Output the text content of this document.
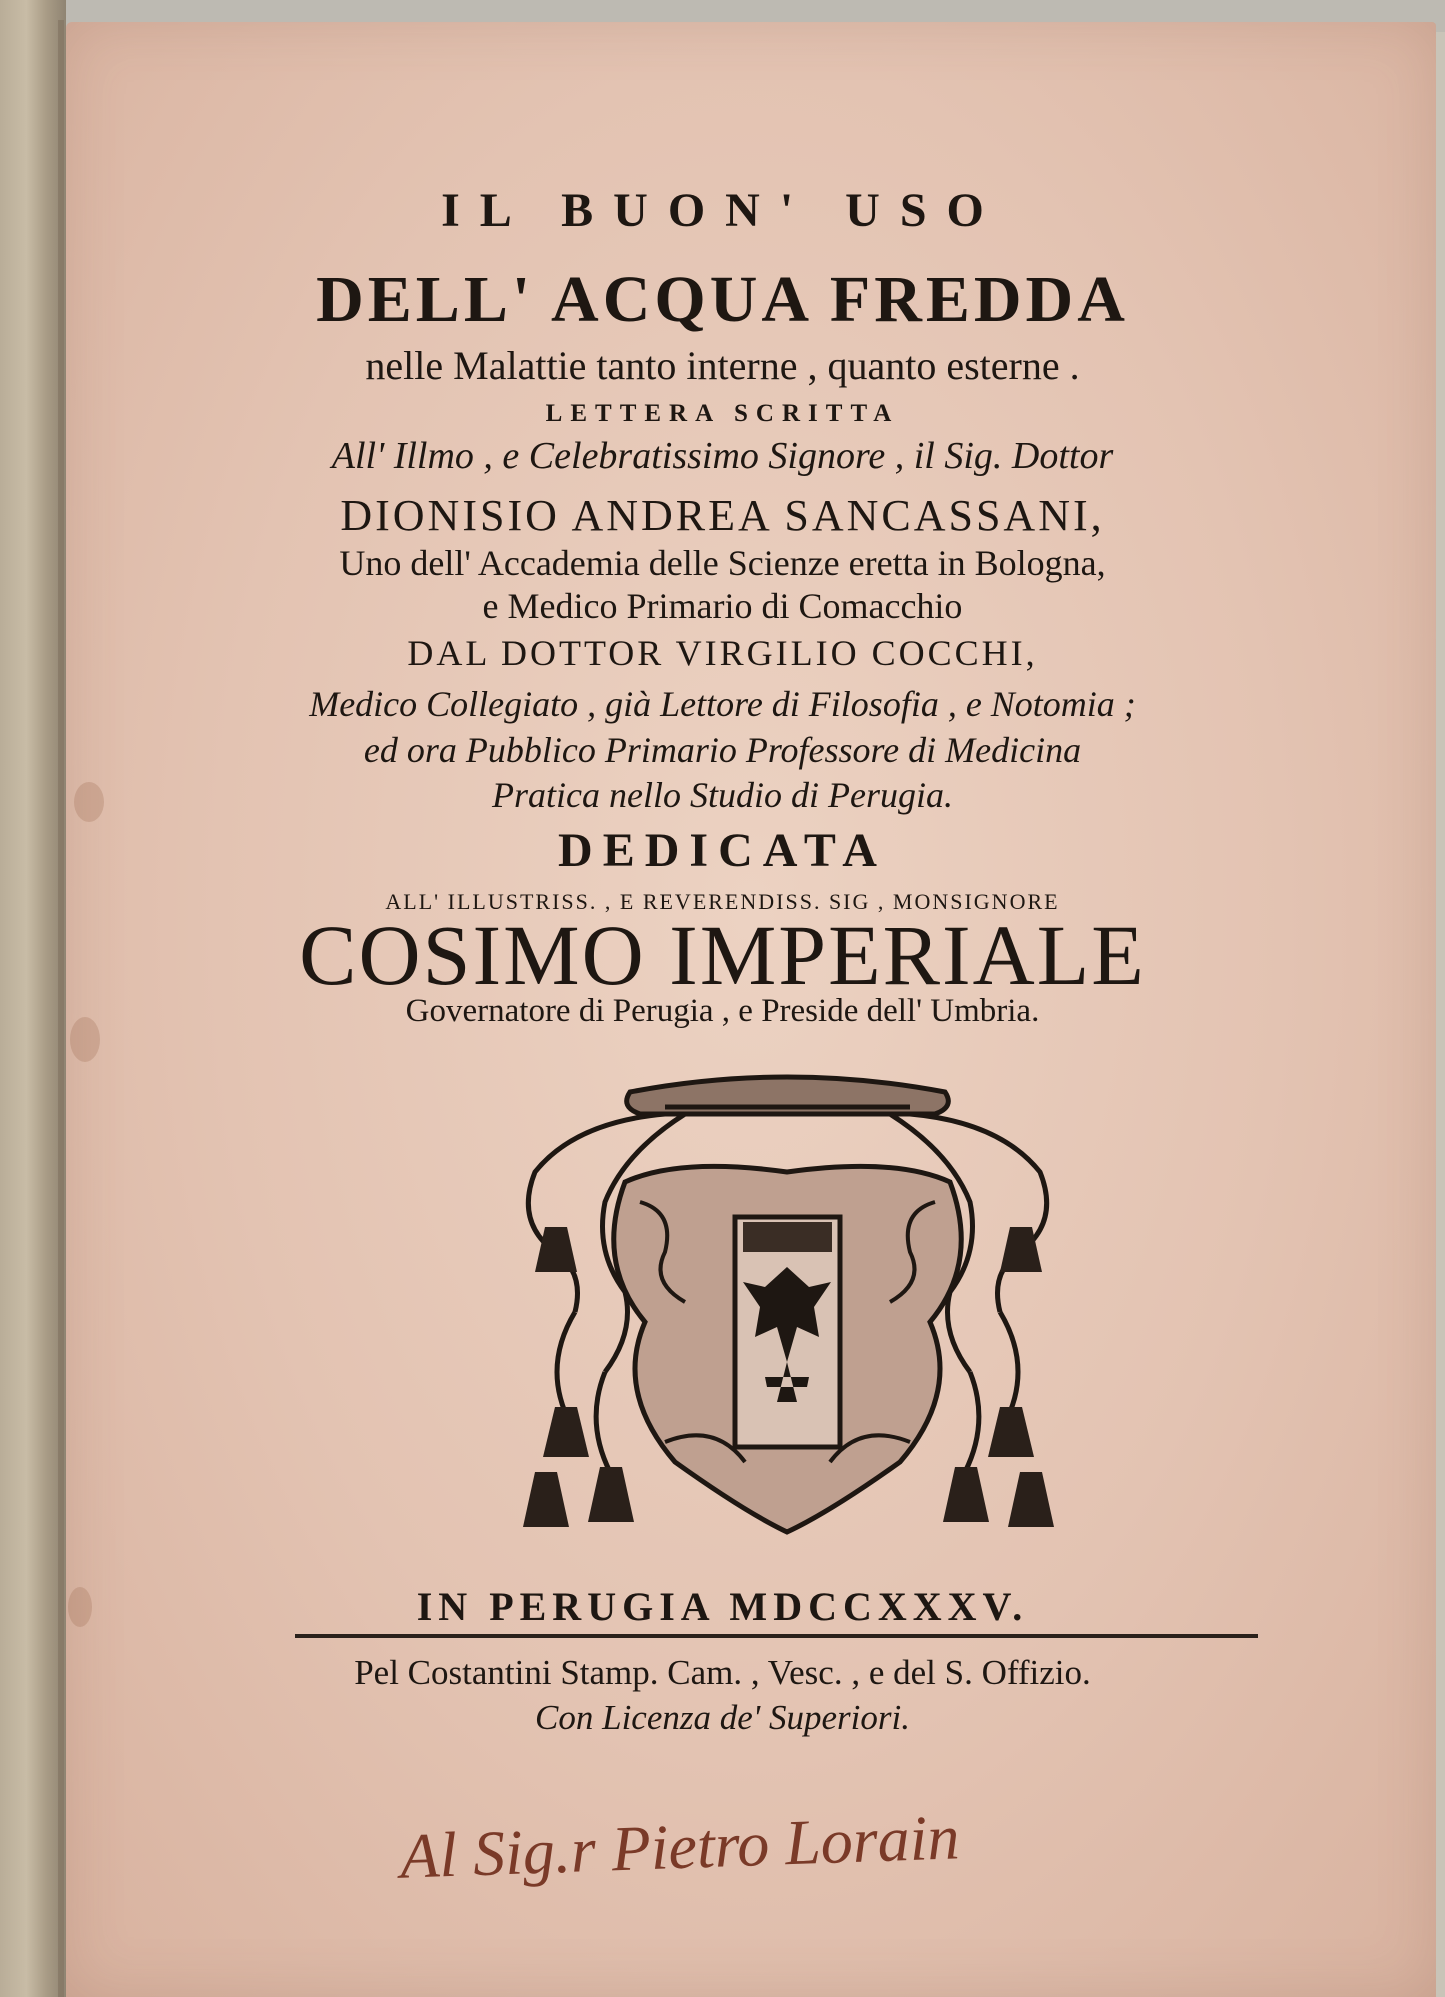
IL BUON' USO
DELL' ACQUA FREDDA
nelle Malattie tanto interne , quanto esterne .
LETTERA SCRITTA
All' Illmo , e Celebratissimo Signore , il Sig. Dottor
DIONISIO ANDREA SANCASSANI,
Uno dell' Accademia delle Scienze eretta in Bologna,
e Medico Primario di Comacchio
DAL DOTTOR VIRGILIO COCCHI,
Medico Collegiato , già Lettore di Filosofia , e Notomia ;
ed ora Pubblico Primario Professore di Medicina
Pratica nello Studio di Perugia.
DEDICATA
ALL' ILLUSTRISS. , E REVERENDISS. SIG , MONSIGNORE
COSIMO IMPERIALE
Governatore di Perugia , e Preside dell' Umbria.
IN PERUGIA MDCCXXXV.
Pel Costantini Stamp. Cam. , Vesc. , e del S. Offizio.
Con Licenza de' Superiori.
Al Sig.r Pietro Lorain
